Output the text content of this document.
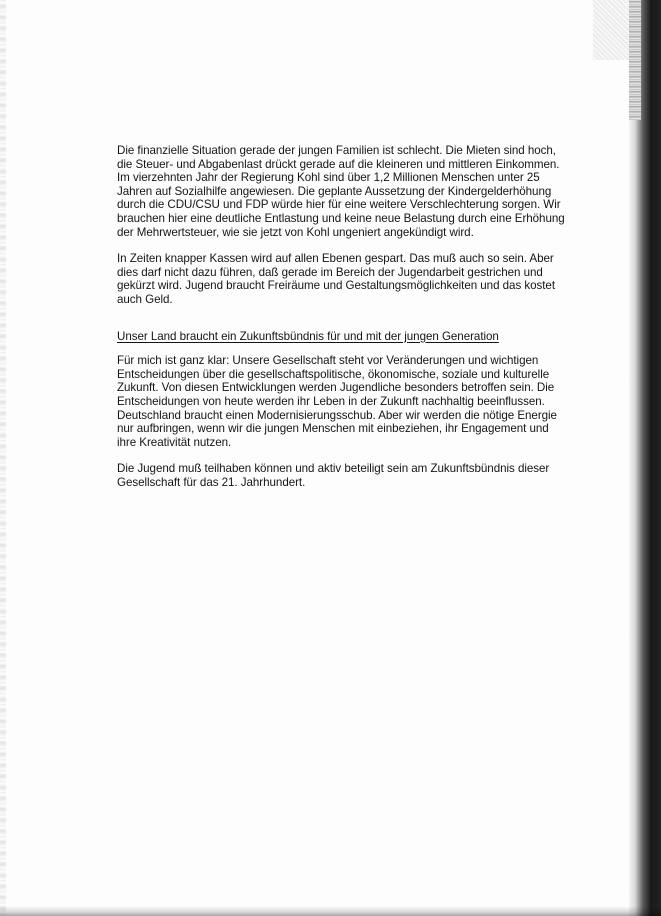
Die finanzielle Situation gerade der jungen Familien ist schlecht. Die Mieten sind hoch, die Steuer- und Abgabenlast drückt gerade auf die kleineren und mittleren Einkommen. Im vierzehnten Jahr der Regierung Kohl sind über 1,2 Millionen Menschen unter 25 Jahren auf Sozialhilfe angewiesen. Die geplante Aussetzung der Kindergelderhöhung durch die CDU/CSU und FDP würde hier für eine weitere Verschlechterung sorgen. Wir brauchen hier eine deutliche Entlastung und keine neue Belastung durch eine Erhöhung der Mehrwertsteuer, wie sie jetzt von Kohl ungeniert angekündigt wird.

In Zeiten knapper Kassen wird auf allen Ebenen gespart. Das muß auch so sein. Aber dies darf nicht dazu führen, daß gerade im Bereich der Jugendarbeit gestrichen und gekürzt wird. Jugend braucht Freiräume und Gestaltungsmöglichkeiten und das kostet auch Geld.

Unser Land braucht ein Zukunftsbündnis für und mit der jungen Generation

Für mich ist ganz klar: Unsere Gesellschaft steht vor Veränderungen und wichtigen Entscheidungen über die gesellschaftspolitische, ökonomische, soziale und kulturelle Zukunft. Von diesen Entwicklungen werden Jugendliche besonders betroffen sein. Die Entscheidungen von heute werden ihr Leben in der Zukunft nachhaltig beeinflussen. Deutschland braucht einen Modernisierungsschub. Aber wir werden die nötige Energie nur aufbringen, wenn wir die jungen Menschen mit einbeziehen, ihr Engagement und ihre Kreativität nutzen.

Die Jugend muß teilhaben können und aktiv beteiligt sein am Zukunftsbündnis dieser Gesellschaft für das 21. Jahrhundert.
